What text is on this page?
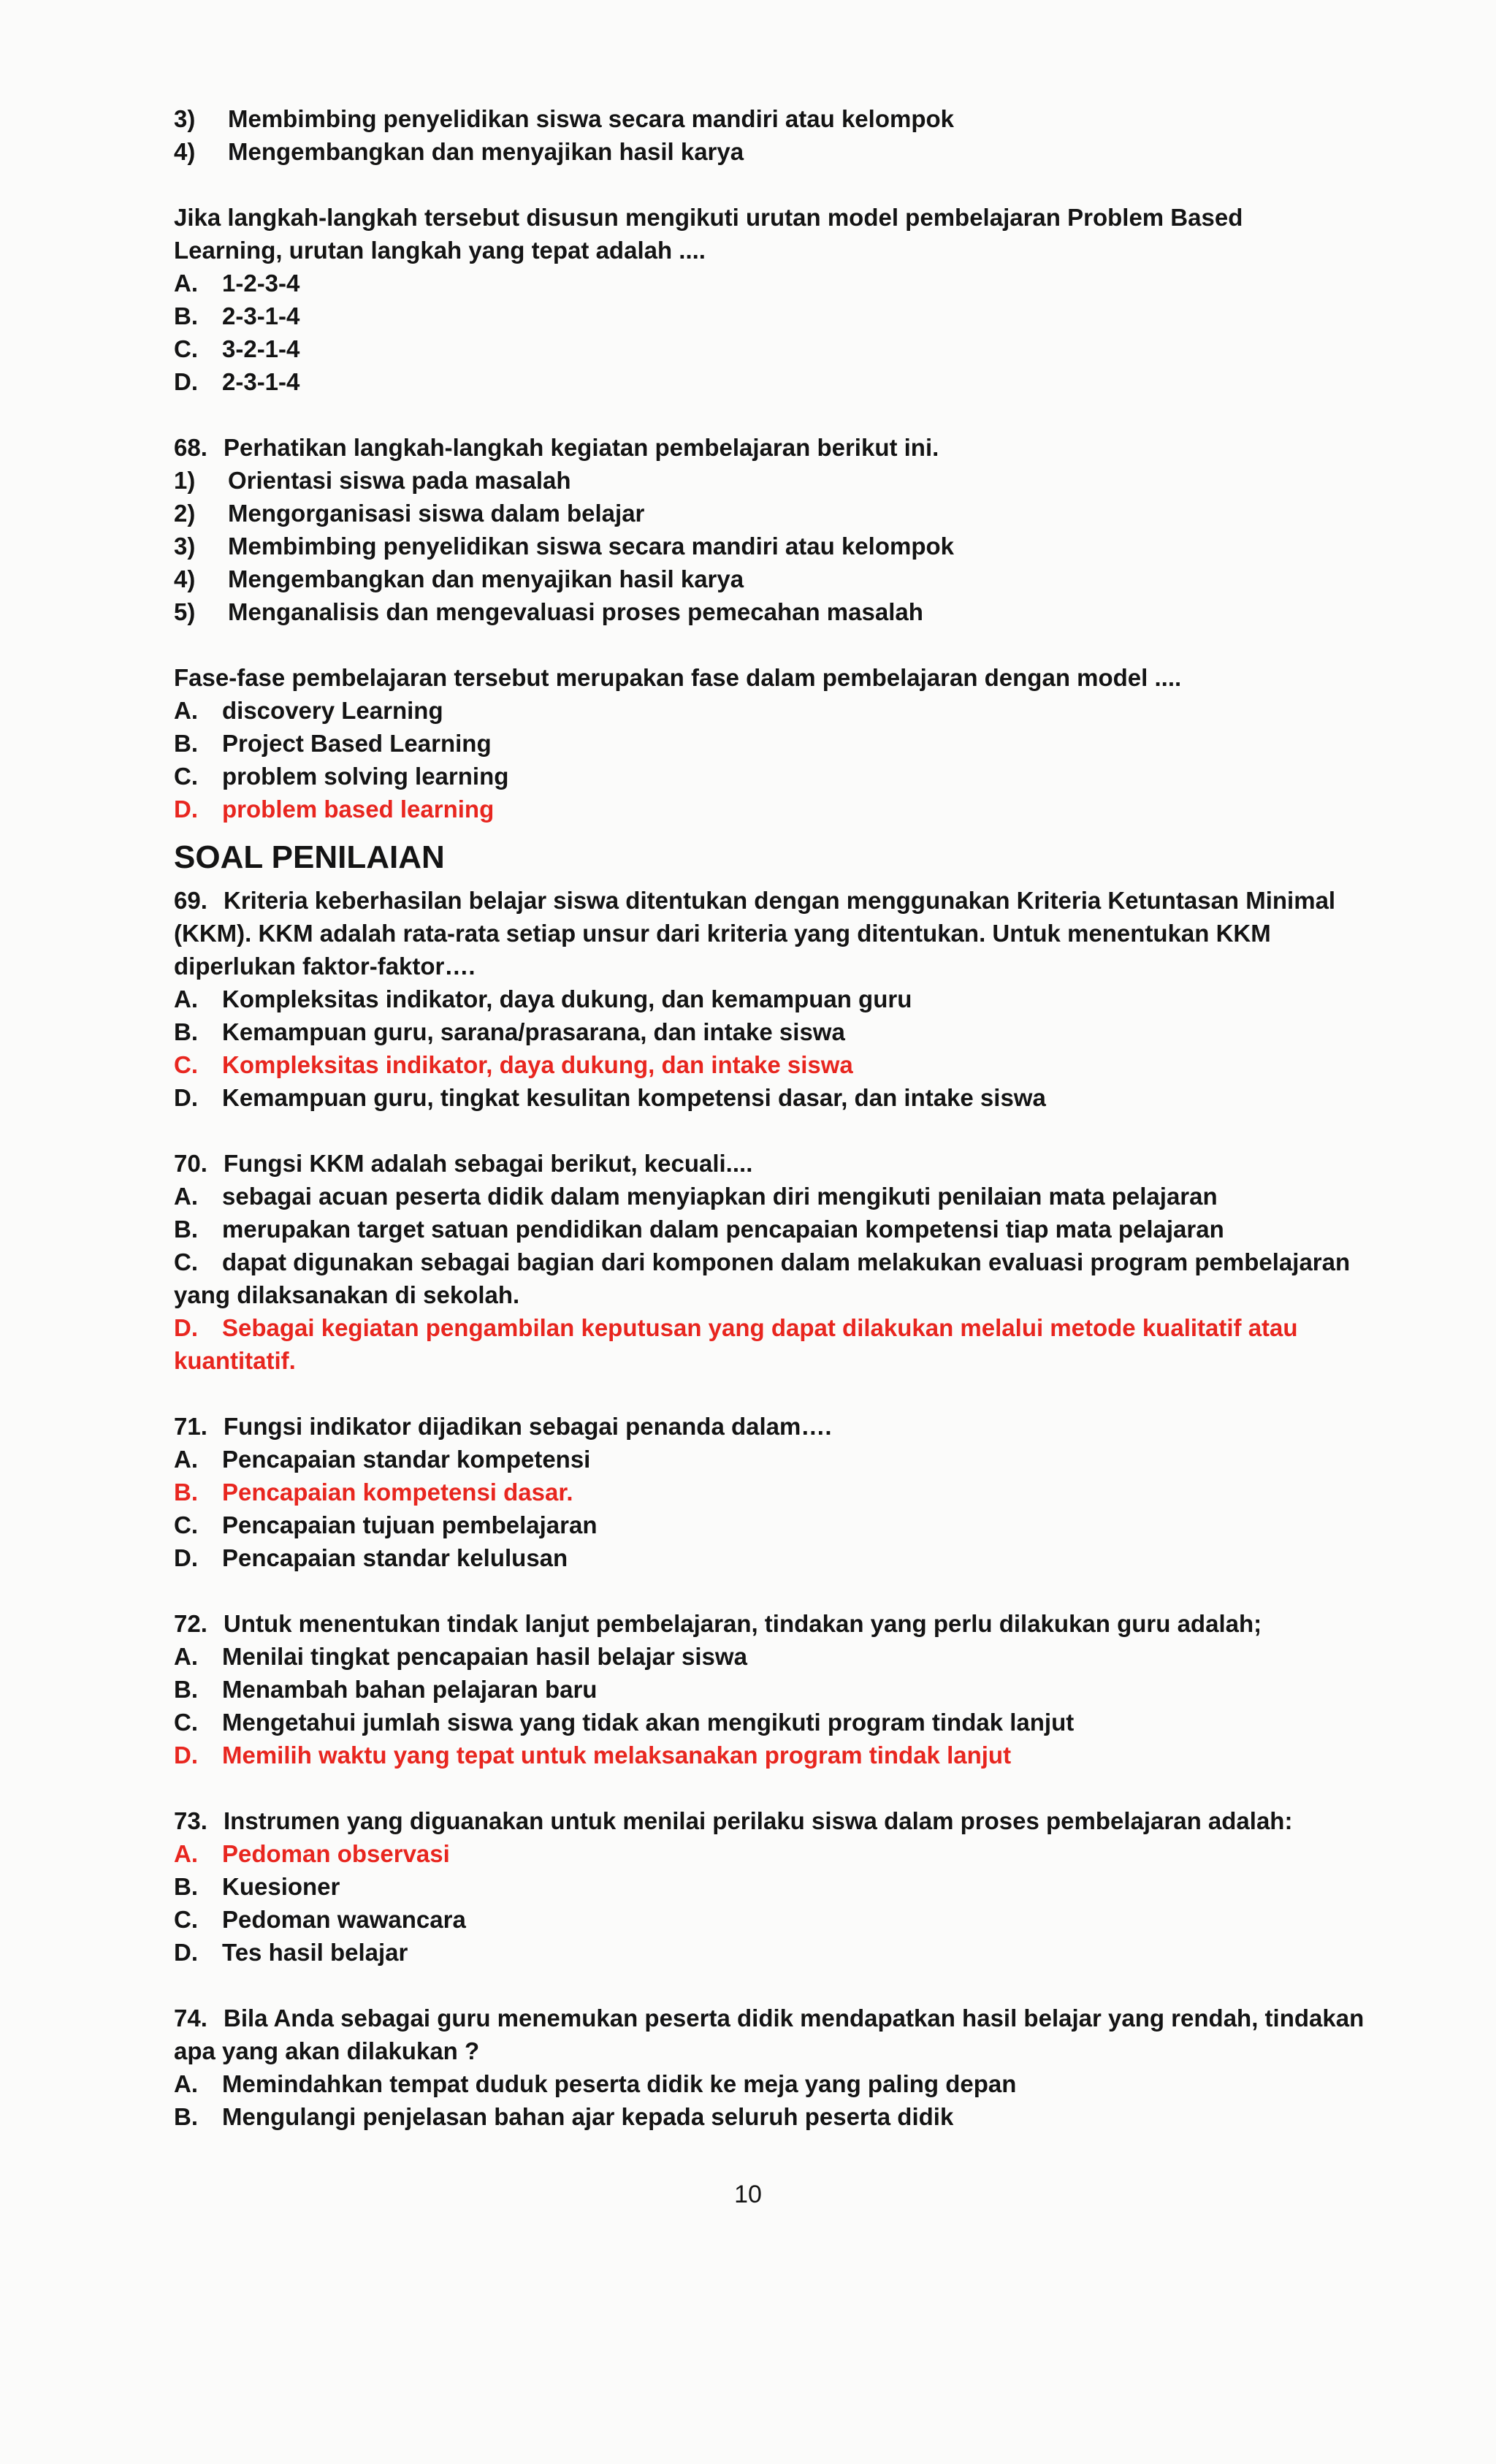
3)	Membimbing penyelidikan siswa secara mandiri atau kelompok
4)	Mengembangkan dan menyajikan hasil karya
Jika langkah-langkah tersebut disusun mengikuti urutan model pembelajaran Problem Based Learning, urutan langkah yang tepat adalah ....
A.	1-2-3-4
B.	2-3-1-4
C.	3-2-1-4
D.	2-3-1-4
68. Perhatikan langkah-langkah kegiatan pembelajaran berikut ini.
1)	Orientasi siswa pada masalah
2)	Mengorganisasi siswa dalam belajar
3)	Membimbing penyelidikan siswa secara mandiri atau kelompok
4)	Mengembangkan dan menyajikan hasil karya
5)	Menganalisis dan mengevaluasi proses pemecahan masalah
Fase-fase pembelajaran tersebut merupakan fase dalam pembelajaran dengan model ....
A.	discovery Learning
B.	Project Based Learning
C.	problem solving learning
D.	problem based learning
SOAL PENILAIAN
69. Kriteria keberhasilan belajar siswa ditentukan dengan menggunakan Kriteria Ketuntasan Minimal
(KKM). KKM adalah rata-rata setiap unsur dari kriteria yang ditentukan. Untuk menentukan KKM diperlukan faktor-faktor….
A.	Kompleksitas indikator, daya dukung, dan kemampuan guru
B.	Kemampuan guru, sarana/prasarana, dan intake siswa
C.	Kompleksitas indikator, daya dukung, dan intake siswa
D.	Kemampuan guru, tingkat kesulitan kompetensi dasar, dan intake siswa
70. Fungsi KKM adalah sebagai berikut, kecuali....
A.	sebagai acuan peserta didik dalam menyiapkan diri mengikuti penilaian mata pelajaran
B.	merupakan target satuan pendidikan dalam pencapaian kompetensi tiap mata pelajaran
C.	dapat digunakan sebagai bagian dari komponen dalam melakukan evaluasi program pembelajaran
yang dilaksanakan di sekolah.
D.	Sebagai kegiatan pengambilan keputusan yang dapat dilakukan melalui metode kualitatif atau
kuantitatif.
71. Fungsi indikator dijadikan sebagai penanda dalam….
A.	Pencapaian standar kompetensi
B.	Pencapaian kompetensi dasar.
C.	Pencapaian tujuan pembelajaran
D.	Pencapaian standar kelulusan
72. Untuk menentukan tindak lanjut pembelajaran, tindakan yang perlu dilakukan guru adalah;
A.	Menilai tingkat pencapaian hasil belajar siswa
B.	Menambah bahan pelajaran baru
C.	Mengetahui jumlah siswa yang tidak akan mengikuti program tindak lanjut
D.	Memilih waktu yang tepat untuk melaksanakan program tindak lanjut
73. Instrumen yang diguanakan untuk menilai perilaku siswa dalam proses pembelajaran adalah:
A.	Pedoman observasi
B.	Kuesioner
C.	Pedoman wawancara
D.	Tes hasil belajar
74. Bila Anda sebagai guru menemukan peserta didik mendapatkan hasil belajar yang rendah, tindakan
apa yang akan dilakukan ?
A.	Memindahkan tempat duduk peserta didik ke meja yang paling depan
B.	Mengulangi penjelasan bahan ajar kepada seluruh peserta didik
10
